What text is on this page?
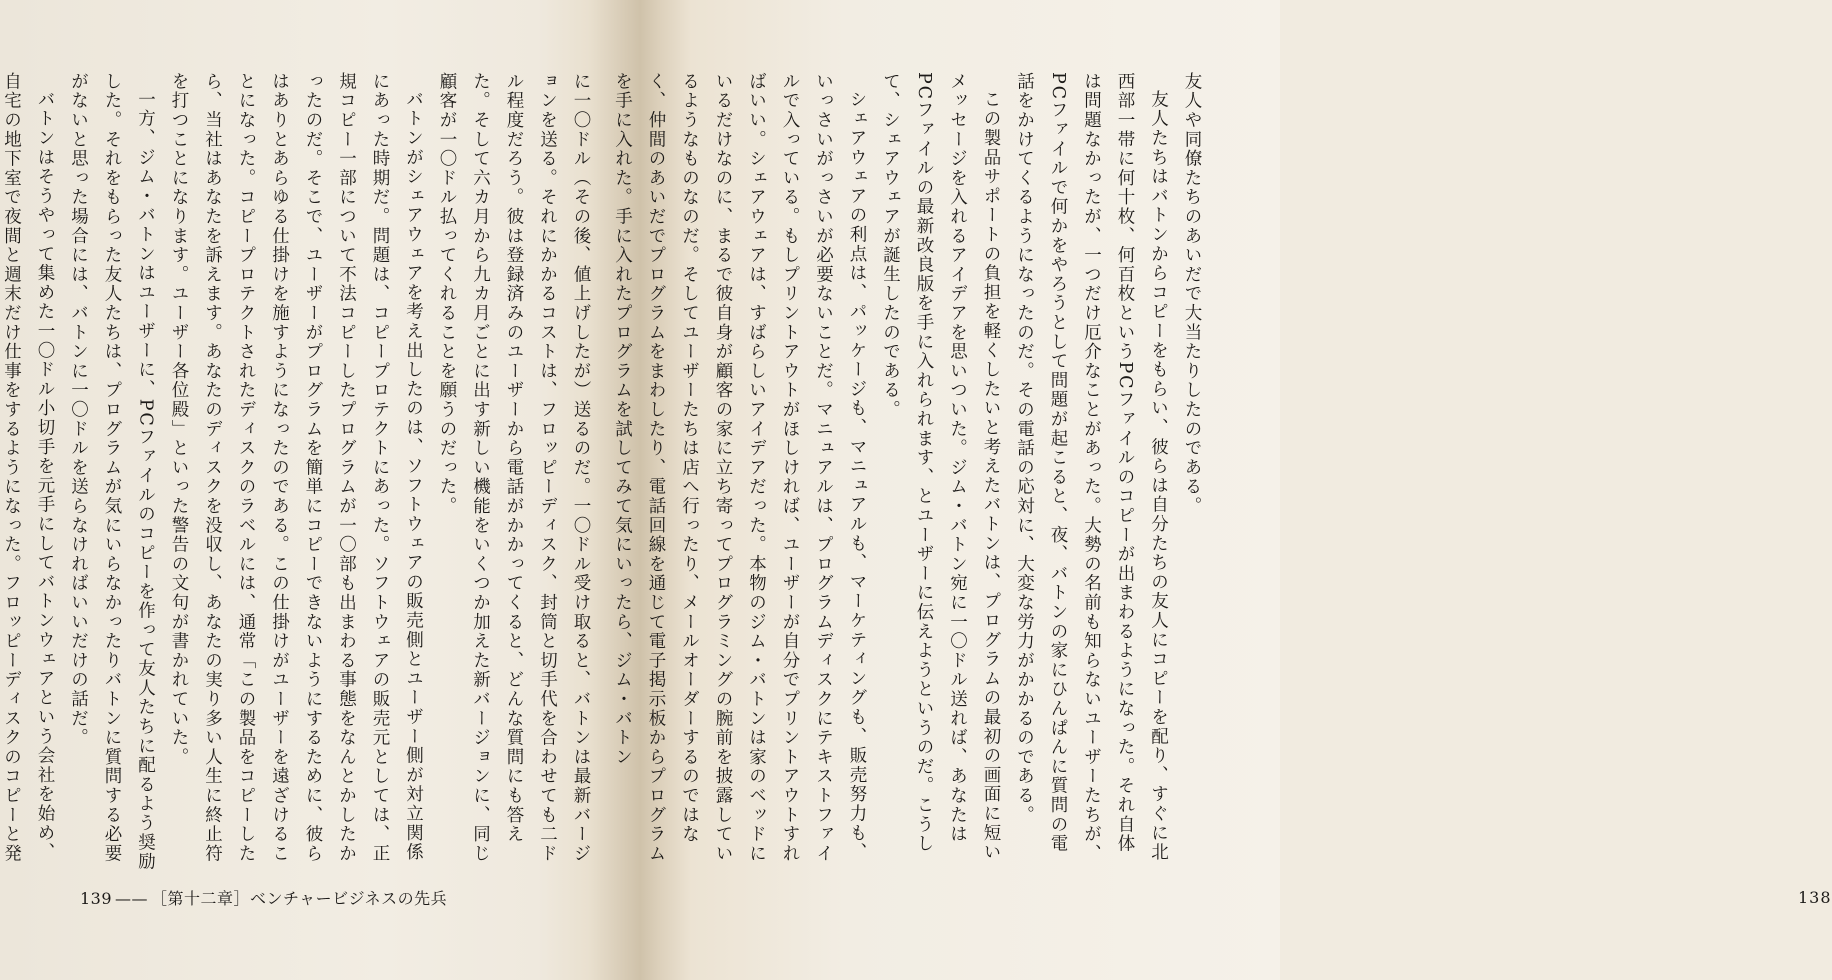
に一〇ドル（その後、値上げしたが）送るのだ。一〇ドル受け取ると、バトンは最新バージョンを送る。それにかかるコストは、フロッピーディスク、封筒と切手代を合わせても二ドル程度だろう。彼は登録済みのユーザーから電話がかかってくると、どんな質問にも答えた。そして六カ月から九カ月ごとに出す新しい機能をいくつか加えた新バージョンに、同じ顧客が一〇ドル払ってくれることを願うのだった。

バトンがシェアウェアを考え出したのは、ソフトウェアの販売側とユーザー側が対立関係にあった時期だ。問題は、コピープロテクトにあった。ソフトウェアの販売元としては、正規コピー一部について不法コピーしたプログラムが一〇部も出まわる事態をなんとかしたかったのだ。そこで、ユーザーがプログラムを簡単にコピーできないようにするために、彼らはありとあらゆる仕掛けを施すようになったのである。この仕掛けがユーザーを遠ざけることになった。コピープロテクトされたディスクのラベルには、通常「この製品をコピーしたら、当社はあなたを訴えます。あなたのディスクを没収し、あなたの実り多い人生に終止符を打つことになります。ユーザー各位殿」といった警告の文句が書かれていた。

一方、ジム・バトンはユーザーに、PCファイルのコピーを作って友人たちに配るよう奨励した。それをもらった友人たちは、プログラムが気にいらなかったりバトンに質問する必要がないと思った場合には、バトンに一〇ドルを送らなければいいだけの話だ。

バトンはそうやって集めた一〇ドル小切手を元手にしてバトンウェアという会社を始め、自宅の地下室で夜間と週末だけ仕事をするようになった。フロッピーディスクのコピーと発

139 —— ［第十二章］ベンチャービジネスの先兵

友人や同僚たちのあいだで大当たりしたのである。

友人たちはバトンからコピーをもらい、彼らは自分たちの友人にコピーを配り、すぐに北西部一帯に何十枚、何百枚というPCファイルのコピーが出まわるようになった。それ自体は問題なかったが、一つだけ厄介なことがあった。大勢の名前も知らないユーザーたちが、PCファイルで何かをやろうとして問題が起こると、夜、バトンの家にひんぱんに質問の電話をかけてくるようになったのだ。その電話の応対に、大変な労力がかかるのである。

この製品サポートの負担を軽くしたいと考えたバトンは、プログラムの最初の画面に短いメッセージを入れるアイデアを思いついた。ジム・バトン宛に一〇ドル送れば、あなたはPCファイルの最新改良版を手に入れられます、とユーザーに伝えようというのだ。こうして、シェアウェアが誕生したのである。

シェアウェアの利点は、パッケージも、マニュアルも、マーケティングも、販売努力も、いっさいがっさいが必要ないことだ。マニュアルは、プログラムディスクにテキストファイルで入っている。もしプリントアウトがほしければ、ユーザーが自分でプリントアウトすればいい。シェアウェアは、すばらしいアイデアだった。本物のジム・バトンは家のベッドにいるだけなのに、まるで彼自身が顧客の家に立ち寄ってプログラミングの腕前を披露しているようなものなのだ。そしてユーザーたちは店へ行ったり、メールオーダーするのではなく、仲間のあいだでプログラムをまわしたり、電話回線を通じて電子掲示板からプログラムを手に入れた。手に入れたプログラムを試してみて気にいったら、ジム・バトン

138
